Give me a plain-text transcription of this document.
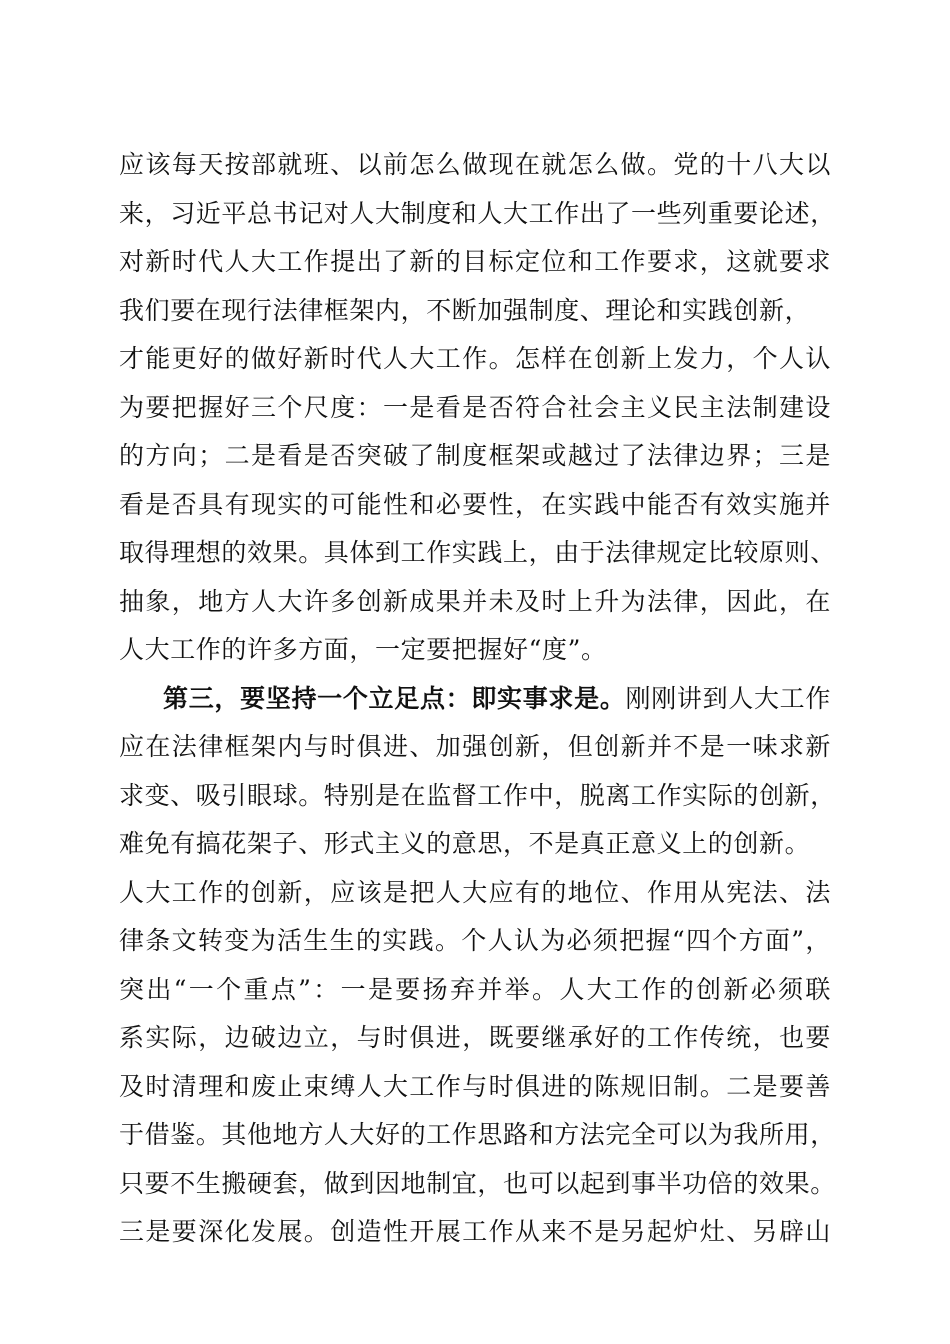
应该每天按部就班、以前怎么做现在就怎么做。党的十八大以
来，习近平总书记对人大制度和人大工作出了一些列重要论述，
对新时代人大工作提出了新的目标定位和工作要求，这就要求
我们要在现行法律框架内，不断加强制度、理论和实践创新，
才能更好的做好新时代人大工作。怎样在创新上发力，个人认
为要把握好三个尺度：一是看是否符合社会主义民主法制建设
的方向；二是看是否突破了制度框架或越过了法律边界；三是
看是否具有现实的可能性和必要性，在实践中能否有效实施并
取得理想的效果。具体到工作实践上，由于法律规定比较原则、
抽象，地方人大许多创新成果并未及时上升为法律，因此，在
人大工作的许多方面，一定要把握好“度”。
第三，要坚持一个立足点：即实事求是。刚刚讲到人大工作
应在法律框架内与时俱进、加强创新，但创新并不是一味求新
求变、吸引眼球。特别是在监督工作中，脱离工作实际的创新，
难免有搞花架子、形式主义的意思，不是真正意义上的创新。
人大工作的创新，应该是把人大应有的地位、作用从宪法、法
律条文转变为活生生的实践。个人认为必须把握“四个方面”，
突出“一个重点”：一是要扬弃并举。人大工作的创新必须联
系实际，边破边立，与时俱进，既要继承好的工作传统，也要
及时清理和废止束缚人大工作与时俱进的陈规旧制。二是要善
于借鉴。其他地方人大好的工作思路和方法完全可以为我所用，
只要不生搬硬套，做到因地制宜，也可以起到事半功倍的效果。
三是要深化发展。创造性开展工作从来不是另起炉灶、另辟山
